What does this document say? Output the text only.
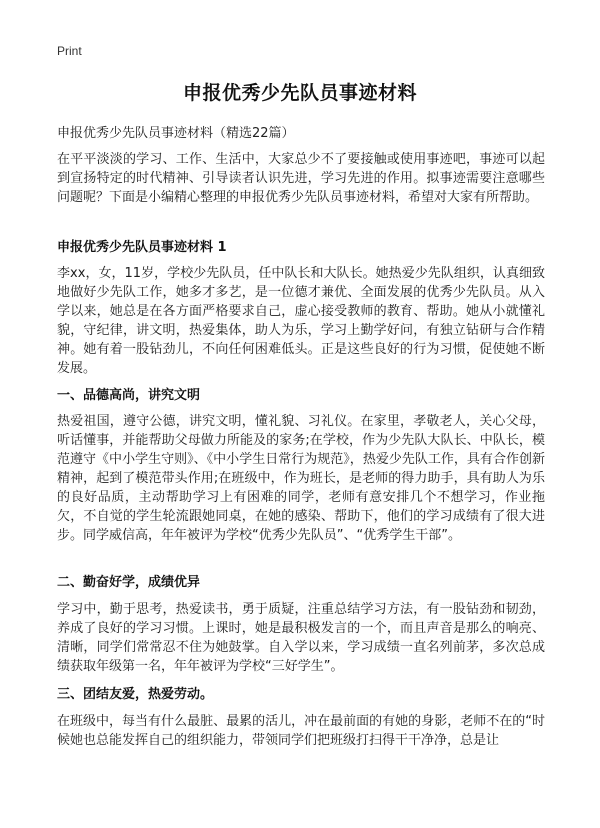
Print
申报优秀少先队员事迹材料
申报优秀少先队员事迹材料（精选22篇）
在平平淡淡的学习、工作、生活中，大家总少不了要接触或使用事迹吧，事迹可以起到宣扬特定的时代精神、引导读者认识先进，学习先进的作用。拟事迹需要注意哪些问题呢？下面是小编精心整理的申报优秀少先队员事迹材料，希望对大家有所帮助。
申报优秀少先队员事迹材料 1
李xx，女，11岁，学校少先队员，任中队长和大队长。她热爱少先队组织，认真细致地做好少先队工作，她多才多艺，是一位德才兼优、全面发展的优秀少先队员。从入学以来，她总是在各方面严格要求自己，虚心接受教师的教育、帮助。她从小就懂礼貌，守纪律，讲文明，热爱集体，助人为乐，学习上勤学好问，有独立钻研与合作精神。她有着一股钻劲儿，不向任何困难低头。正是这些良好的行为习惯，促使她不断发展。
一、品德高尚，讲究文明
热爱祖国，遵守公德，讲究文明，懂礼貌、习礼仪。在家里，孝敬老人，关心父母，听话懂事，并能帮助父母做力所能及的家务;在学校，作为少先队大队长、中队长，模范遵守《中小学生守则》、《中小学生日常行为规范》，热爱少先队工作，具有合作创新精神，起到了模范带头作用;在班级中，作为班长，是老师的得力助手，具有助人为乐的良好品质，主动帮助学习上有困难的同学，老师有意安排几个不想学习，作业拖欠，不自觉的学生轮流跟她同桌，在她的感染、帮助下，他们的学习成绩有了很大进步。同学威信高，年年被评为学校“优秀少先队员”、“优秀学生干部”。
二、勤奋好学，成绩优异
学习中，勤于思考，热爱读书，勇于质疑，注重总结学习方法，有一股钻劲和韧劲，养成了良好的学习习惯。上课时，她是最积极发言的一个，而且声音是那么的响亮、清晰，同学们常常忍不住为她鼓掌。自入学以来，学习成绩一直名列前茅，多次总成绩获取年级第一名，年年被评为学校“三好学生”。
三、团结友爱，热爱劳动。
在班级中，每当有什么最脏、最累的活儿，冲在最前面的有她的身影，老师不在的“时候她也总能发挥自己的组织能力，带领同学们把班级打扫得干干净净，总是让
